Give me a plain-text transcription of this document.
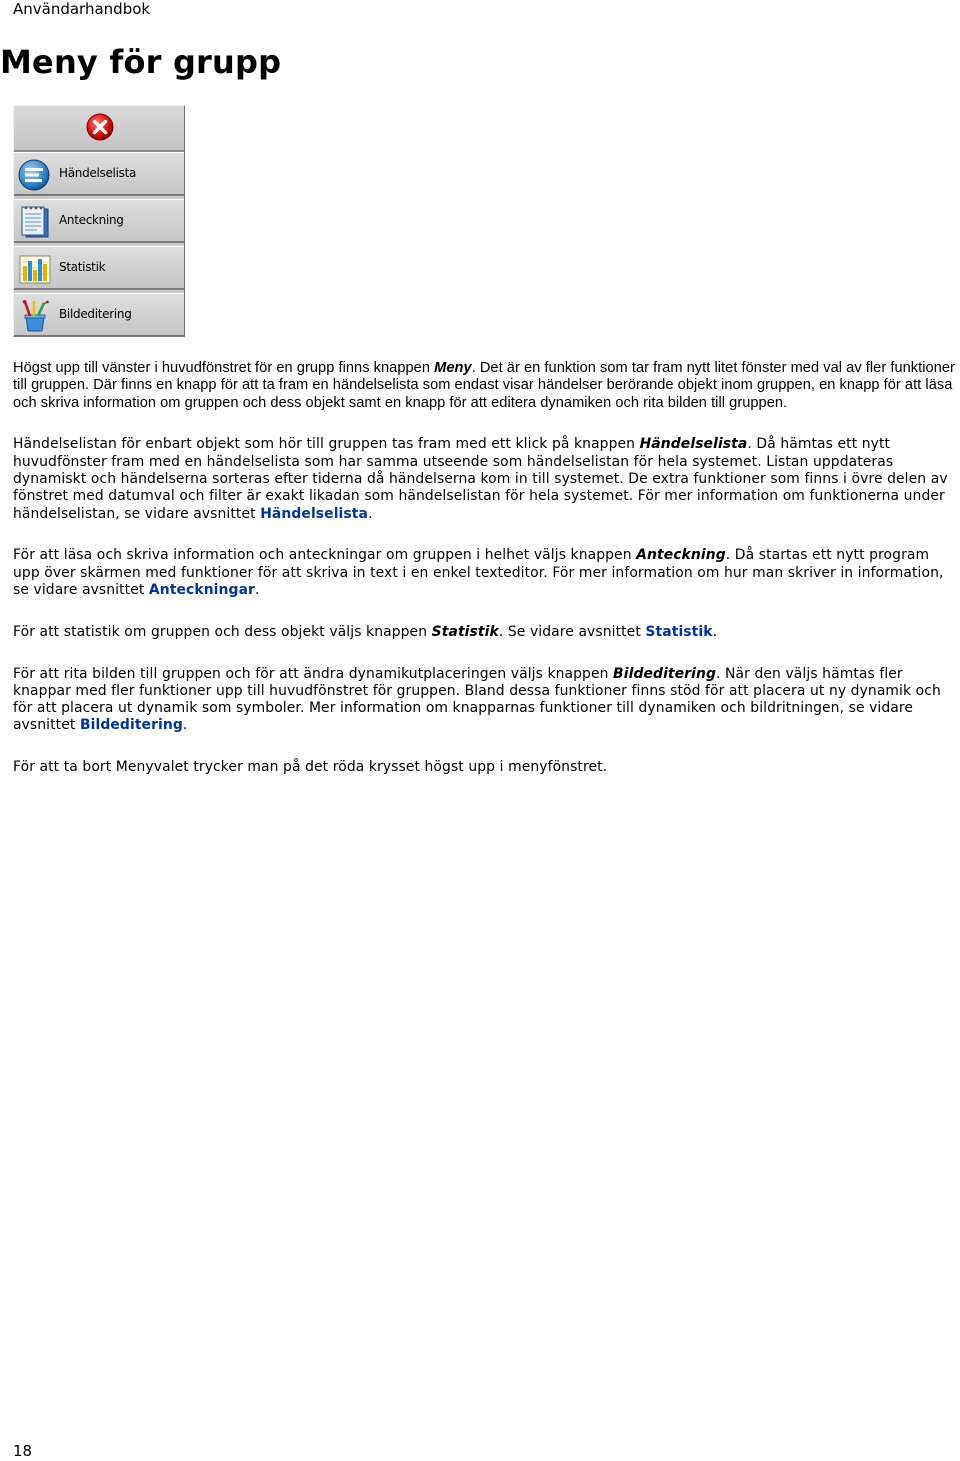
Användarhandbok
Meny för grupp
Händelselista
Anteckning
Statistik
Bildeditering

Högst upp till vänster i huvudfönstret för en grupp finns knappen Meny. Det är en funktion som tar fram nytt litet fönster med val av fler funktioner till gruppen. Där finns en knapp för att ta fram en händelselista som endast visar händelser berörande objekt inom gruppen, en knapp för att läsa och skriva information om gruppen och dess objekt samt en knapp för att editera dynamiken och rita bilden till gruppen.

Händelselistan för enbart objekt som hör till gruppen tas fram med ett klick på knappen Händelselista. Då hämtas ett nytt huvudfönster fram med en händelselista som har samma utseende som händelselistan för hela systemet. Listan uppdateras dynamiskt och händelserna sorteras efter tiderna då händelserna kom in till systemet. De extra funktioner som finns i övre delen av fönstret med datumval och filter är exakt likadan som händelselistan för hela systemet. För mer information om funktionerna under händelselistan, se vidare avsnittet Händelselista.

För att läsa och skriva information och anteckningar om gruppen i helhet väljs knappen Anteckning. Då startas ett nytt program upp över skärmen med funktioner för att skriva in text i en enkel texteditor. För mer information om hur man skriver in information, se vidare avsnittet Anteckningar.

För att statistik om gruppen och dess objekt väljs knappen Statistik. Se vidare avsnittet Statistik.

För att rita bilden till gruppen och för att ändra dynamikutplaceringen väljs knappen Bildeditering. När den väljs hämtas fler knappar med fler funktioner upp till huvudfönstret för gruppen. Bland dessa funktioner finns stöd för att placera ut ny dynamik och för att placera ut dynamik som symboler. Mer information om knapparnas funktioner till dynamiken och bildritningen, se vidare avsnittet Bildeditering.

För att ta bort Menyvalet trycker man på det röda krysset högst upp i menyfönstret.

18
